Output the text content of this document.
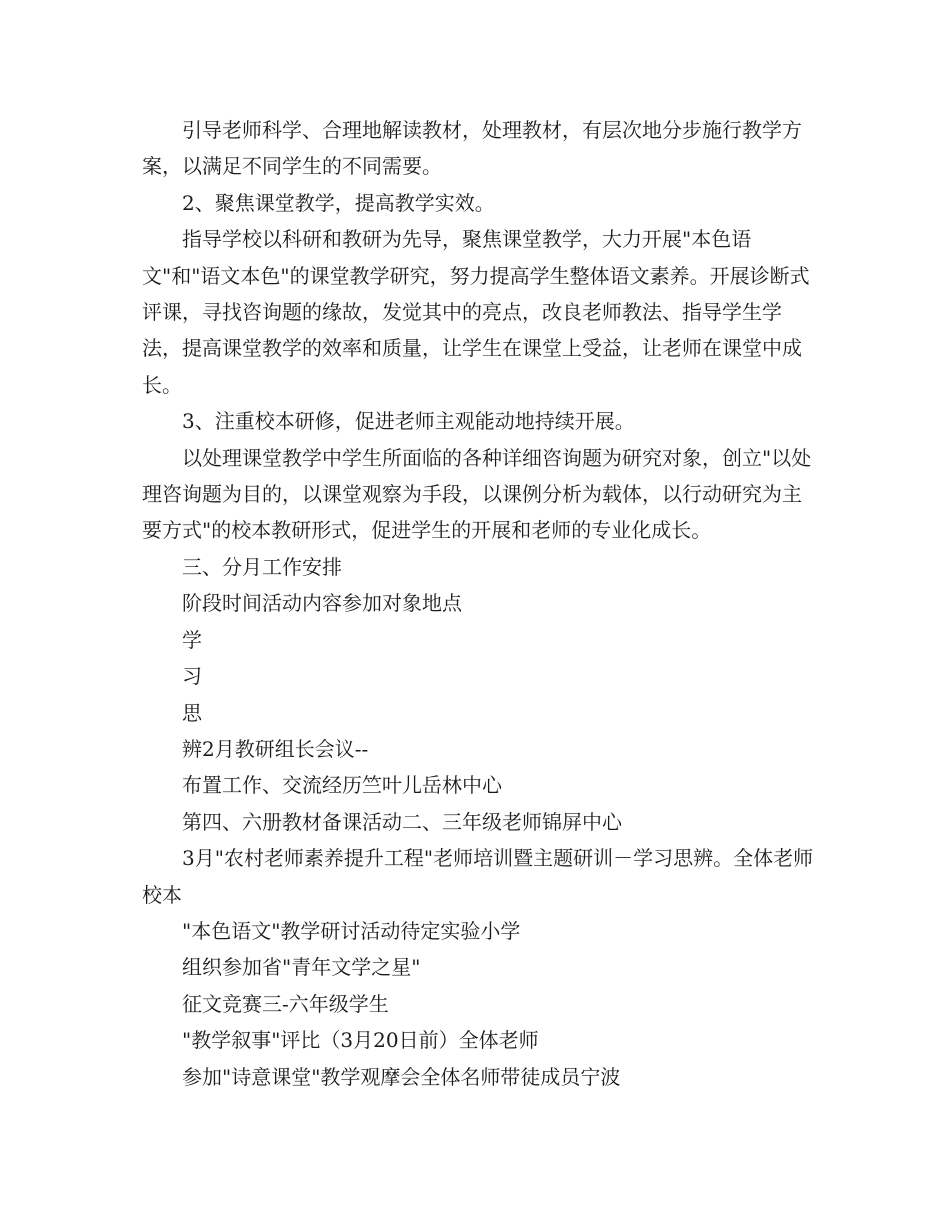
引导老师科学、合理地解读教材，处理教材，有层次地分步施行教学方案，以满足不同学生的不同需要。

2、聚焦课堂教学，提高教学实效。

指导学校以科研和教研为先导，聚焦课堂教学，大力开展"本色语文"和"语文本色"的课堂教学研究，努力提高学生整体语文素养。开展诊断式评课，寻找咨询题的缘故，发觉其中的亮点，改良老师教法、指导学生学法，提高课堂教学的效率和质量，让学生在课堂上受益，让老师在课堂中成长。

3、注重校本研修，促进老师主观能动地持续开展。

以处理课堂教学中学生所面临的各种详细咨询题为研究对象，创立"以处理咨询题为目的，以课堂观察为手段，以课例分析为载体，以行动研究为主要方式"的校本教研形式，促进学生的开展和老师的专业化成长。

三、分月工作安排

阶段时间活动内容参加对象地点

学

习

思

辨2月教研组长会议--

布置工作、交流经历竺叶儿岳林中心

第四、六册教材备课活动二、三年级老师锦屏中心

3月"农村老师素养提升工程"老师培训暨主题研训－学习思辨。全体老师校本

"本色语文"教学研讨活动待定实验小学

组织参加省"青年文学之星"

征文竞赛三-六年级学生

"教学叙事"评比（3月20日前）全体老师

参加"诗意课堂"教学观摩会全体名师带徒成员宁波
